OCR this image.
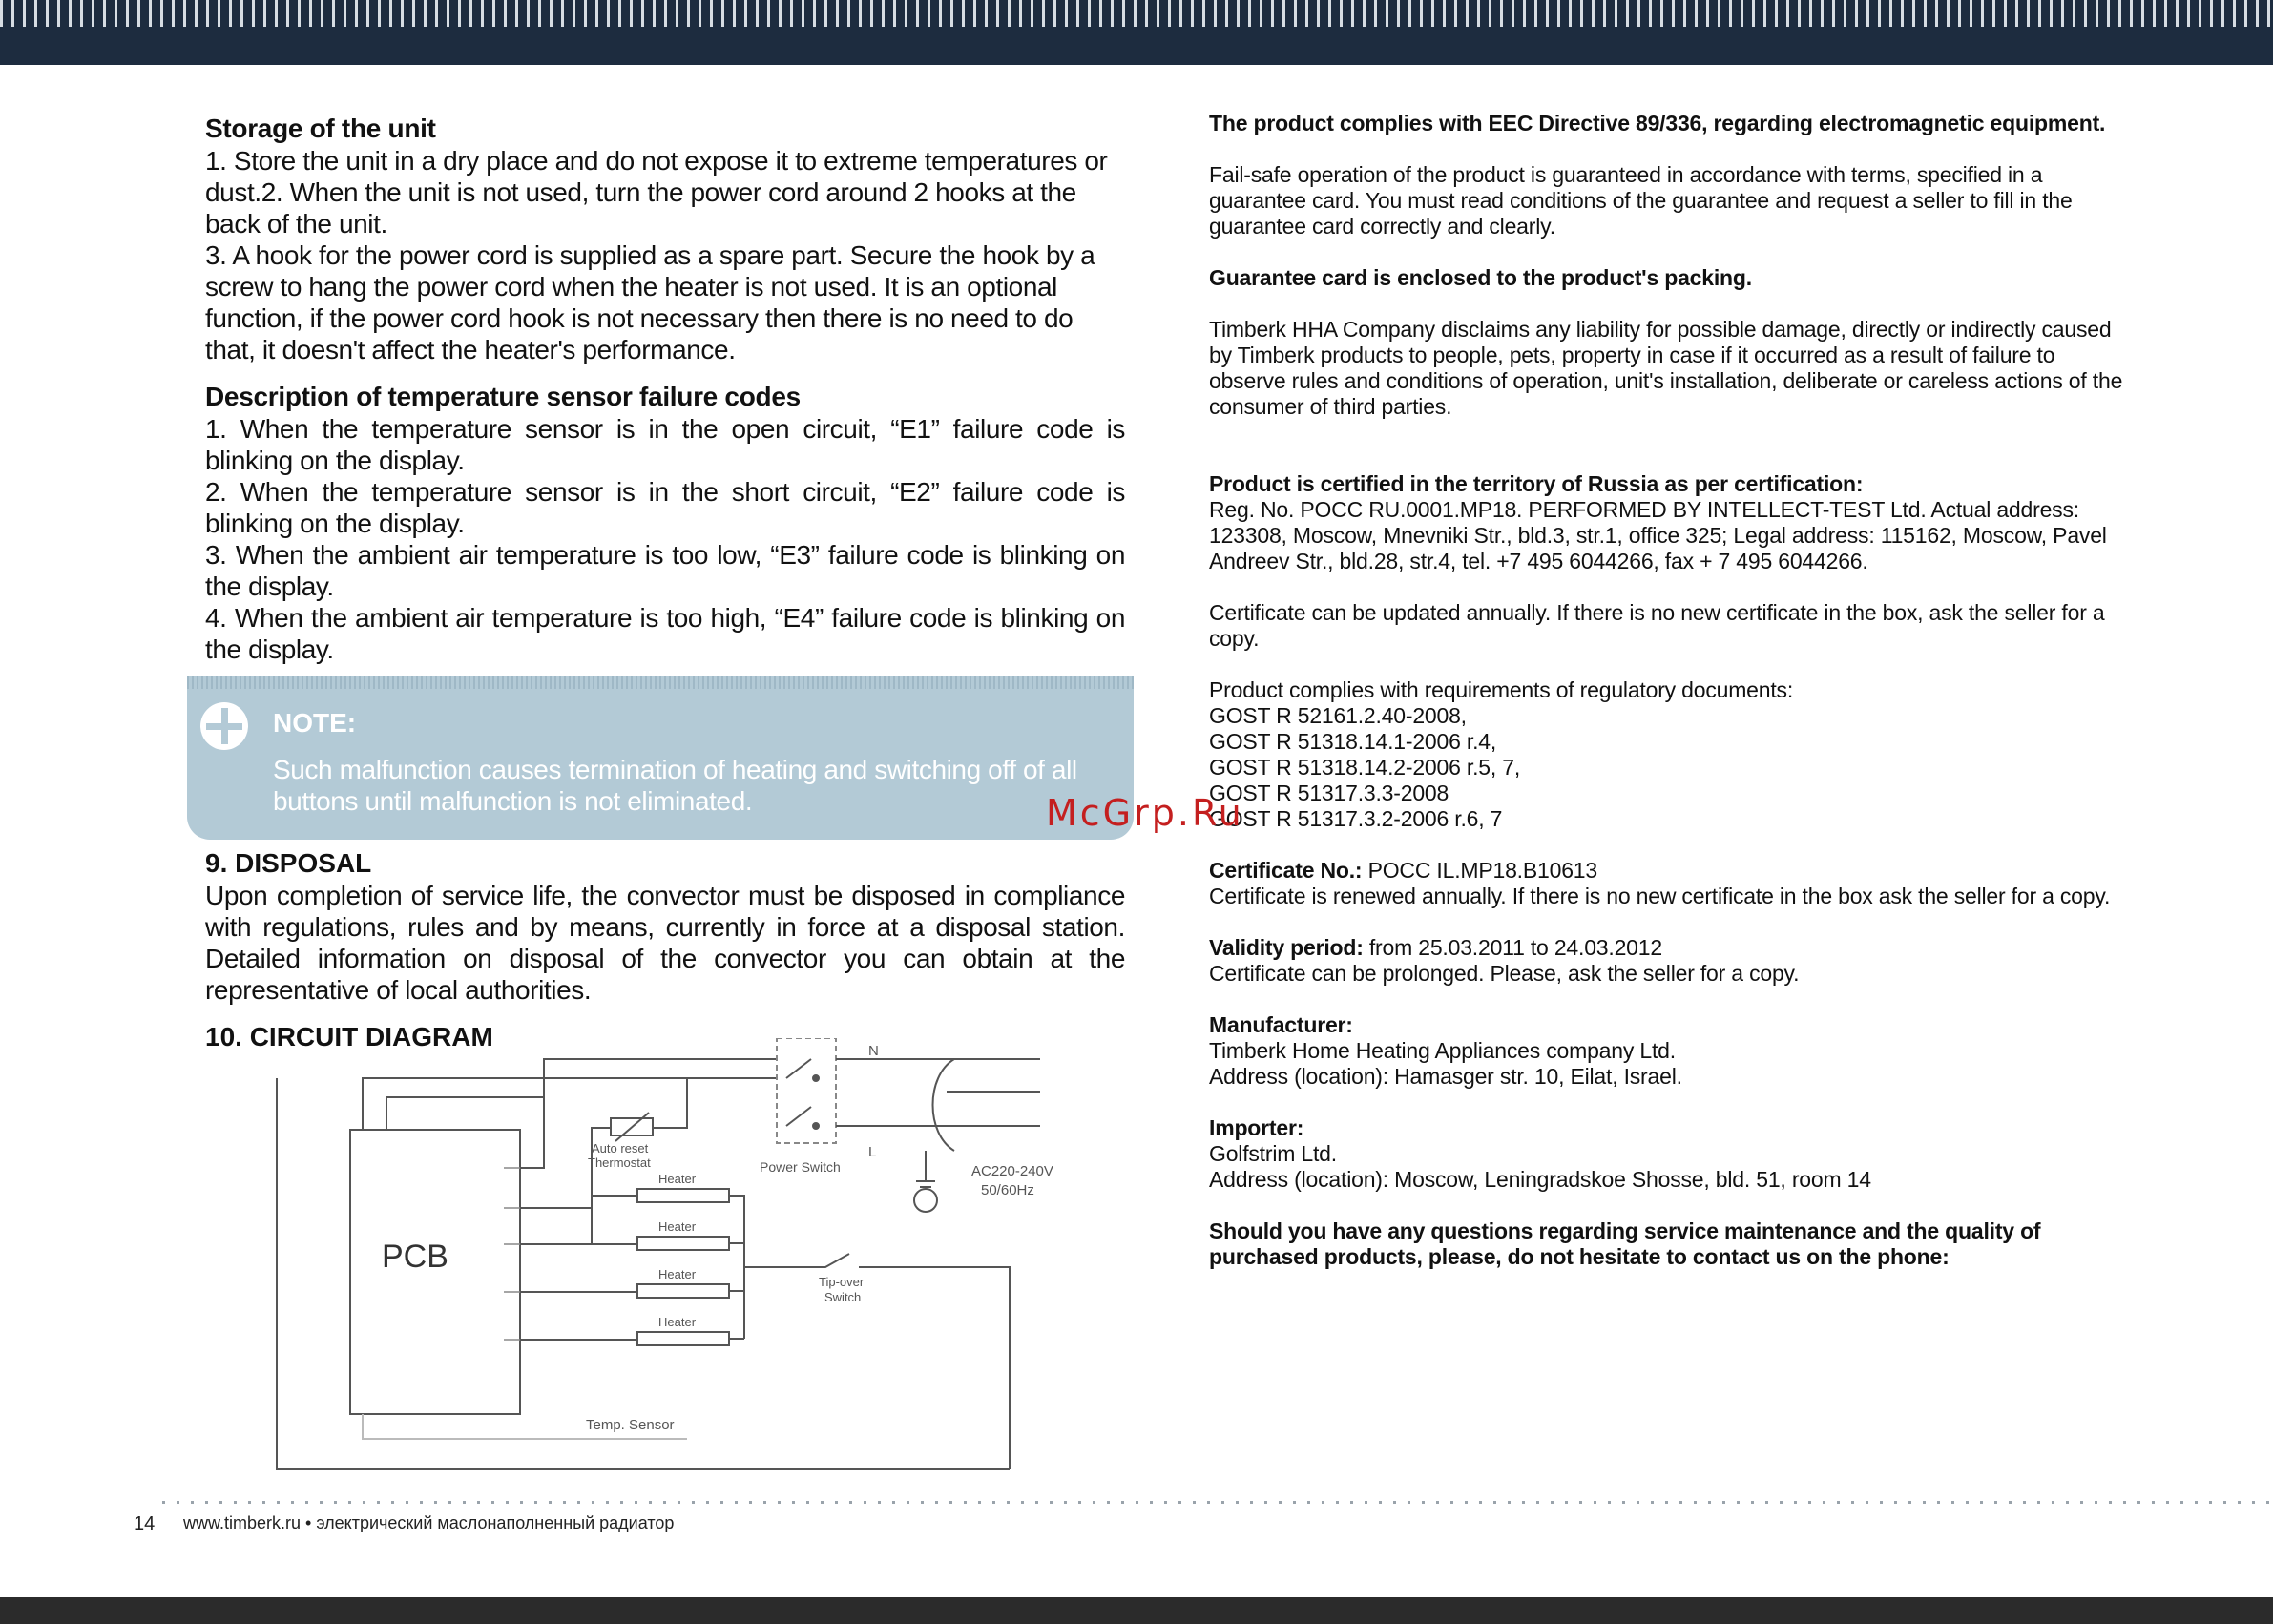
Storage of the unit

1. Store the unit in a dry place and do not expose it to extreme temperatures or dust.2. When the unit is not used, turn the power cord around 2 hooks at the back of the unit.

3. A hook for the power cord is supplied as a spare part. Secure the hook by a screw to hang the power cord when the heater is not used. It is an optional function, if the power cord hook is not necessary then there is no need to do that, it doesn't affect the heater's performance.

Description of temperature sensor failure codes

1. When the temperature sensor is in the open circuit, “E1” failure code is blinking on the display.

2. When the temperature sensor is in the short circuit, “E2” failure code is blinking on the display.

3. When the ambient air temperature is too low, “E3” failure code is blinking on the display.

4. When the ambient air temperature is too high, “E4” failure code is blinking on the display.

NOTE:
Such malfunction causes termination of heating and switching off of all buttons until malfunction is not eliminated.
9. DISPOSAL

Upon completion of service life, the convector must be disposed in compliance with regulations, rules and by means, currently in force at a disposal station. Detailed information on disposal of the convector you can obtain at the representative of local authorities.

10. CIRCUIT DIAGRAM
PCB
N
L
Power Switch	AC220-240V
50/60Hz
Auto reset
Thermostat
Heater
Heater
Heater
Heater
Tip-over
Switch
Temp. Sensor

The product complies with EEC Directive 89/336, regarding electromagnetic equipment.

Fail-safe operation of the product is guaranteed in accordance with terms, specified in a guarantee card. You must read conditions of the guarantee and request a seller to fill in the guarantee card correctly and clearly.

Guarantee card is enclosed to the product's packing.

Timberk HHA Company disclaims any liability for possible damage, directly or indirectly caused by Timberk products to people, pets, property in case if it occurred as a result of failure to observe rules and conditions of operation, unit's installation, deliberate or careless actions of the consumer of third parties.

Product is certified in the territory of Russia as per certification:

Reg. No. POCC RU.0001.MP18. PERFORMED BY INTELLECT-TEST Ltd. Actual address: 123308, Moscow, Mnevniki Str., bld.3, str.1, office 325; Legal address: 115162, Moscow, Pavel Andreev Str., bld.28, str.4, tel. +7 495 6044266, fax + 7 495 6044266.

Certificate can be updated annually. If there is no new certificate in the box, ask the seller for a copy.

Product complies with requirements of regulatory documents:

GOST R 52161.2.40-2008,

GOST R 51318.14.1-2006 r.4,

GOST R 51318.14.2-2006 r.5, 7,

GOST R 51317.3.3-2008

GOST R 51317.3.2-2006 r.6, 7

Certificate No.: POCC IL.MP18.B10613

Certificate is renewed annually. If there is no new certificate in the box ask the seller for a copy.

Validity period: from 25.03.2011 to 24.03.2012

Certificate can be prolonged. Please, ask the seller for a copy.

Manufacturer:

Timberk Home Heating Appliances company Ltd.

Address (location): Hamasger str. 10, Eilat, Israel.

Importer:

Golfstrim Ltd.

Address (location): Moscow, Leningradskoe Shosse, bld. 51, room 14

Should you have any questions regarding service maintenance and the quality of purchased products, please, do not hesitate to contact us on the phone:

McGrp.Ru
14 www.timberk.ru • электрический маслонаполненный радиатор
